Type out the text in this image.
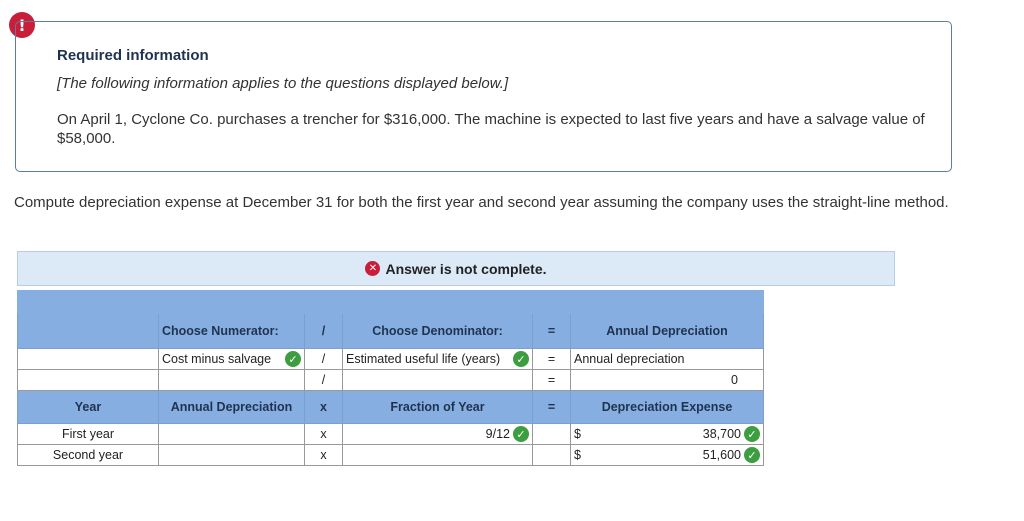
!
Required information
[The following information applies to the questions displayed below.]
On April 1, Cyclone Co. purchases a trencher for $316,000. The machine is expected to last five years and have a salvage value of $58,000.
Compute depreciation expense at December 31 for both the first year and second year assuming the company uses the straight-line method.
✕ Answer is not complete.

	Choose Numerator:	/	Choose Denominator:	=	Annual Depreciation

	Cost minus salvage ✓	/	Estimated useful life (years) ✓	=	Annual depreciation
		/		=	0
Year	Annual Depreciation	x	Fraction of Year	=	Depreciation Expense
First year		x	9/12 ✓		$ 38,700 ✓

Second year		x			$ 51,600 ✓
